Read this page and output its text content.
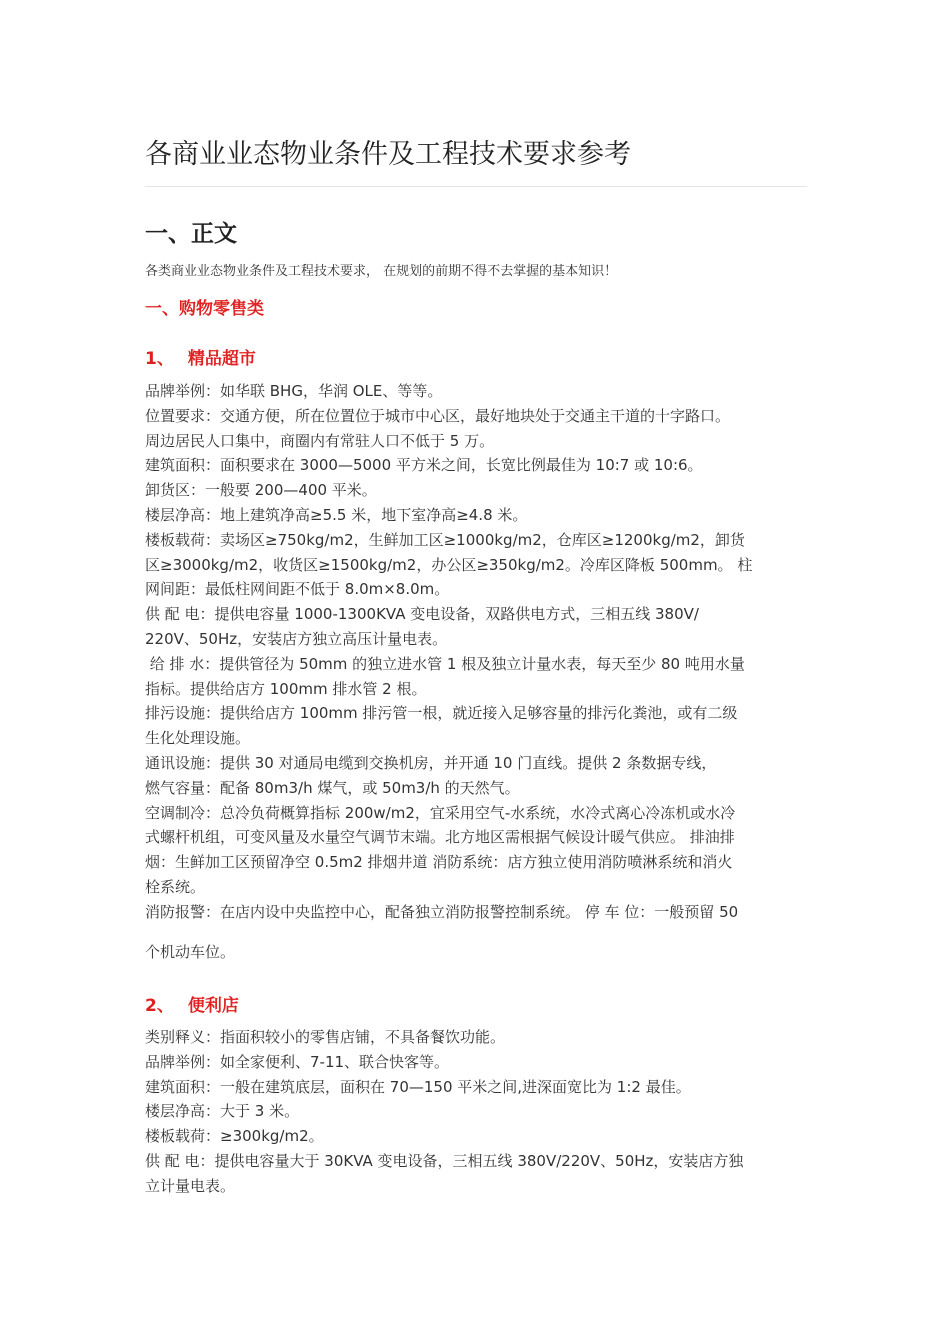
各商业业态物业条件及工程技术要求参考
一、正文

各类商业业态物业条件及工程技术要求， 在规划的前期不得不去掌握的基本知识！

一、购物零售类
1、 精品超市

品牌举例：如华联 BHG，华润 OLE、等等。

位置要求：交通方便，所在位置位于城市中心区，最好地块处于交通主干道的十字路口。

周边居民人口集中，商圈内有常驻人口不低于 5 万。

建筑面积：面积要求在 3000—5000 平方米之间，长宽比例最佳为 10:7 或 10:6。

卸货区：一般要 200—400 平米。

楼层净高：地上建筑净高≥5.5 米，地下室净高≥4.8 米。

楼板载荷：卖场区≥750kg/m2，生鲜加工区≥1000kg/m2，仓库区≥1200kg/m2，卸货

区≥3000kg/m2，收货区≥1500kg/m2，办公区≥350kg/m2。冷库区降板 500mm。 柱

网间距：最低柱网间距不低于 8.0m×8.0m。

供 配 电：提供电容量 1000-1300KVA 变电设备，双路供电方式，三相五线 380V/

220V、50Hz，安装店方独立高压计量电表。

给 排 水：提供管径为 50mm 的独立进水管 1 根及独立计量水表，每天至少 80 吨用水量

指标。提供给店方 100mm 排水管 2 根。

排污设施：提供给店方 100mm 排污管一根，就近接入足够容量的排污化粪池，或有二级

生化处理设施。

通讯设施：提供 30 对通局电缆到交换机房，并开通 10 门直线。提供 2 条数据专线，

燃气容量：配备 80m3/h 煤气，或 50m3/h 的天然气。

空调制冷：总冷负荷概算指标 200w/m2，宜采用空气-水系统，水冷式离心冷冻机或水冷

式螺杆机组，可变风量及水量空气调节末端。北方地区需根据气候设计暖气供应。 排油排

烟：生鲜加工区预留净空 0.5m2 排烟井道 消防系统：店方独立使用消防喷淋系统和消火

栓系统。

消防报警：在店内设中央监控中心，配备独立消防报警控制系统。 停 车 位：一般预留 50

个机动车位。

2、 便利店

类别释义：指面积较小的零售店铺，不具备餐饮功能。

品牌举例：如全家便利、7-11、联合快客等。

建筑面积：一般在建筑底层，面积在 70—150 平米之间,进深面宽比为 1:2 最佳。

楼层净高：大于 3 米。

楼板载荷：≥300kg/m2。

供 配 电：提供电容量大于 30KVA 变电设备，三相五线 380V/220V、50Hz，安装店方独

立计量电表。
